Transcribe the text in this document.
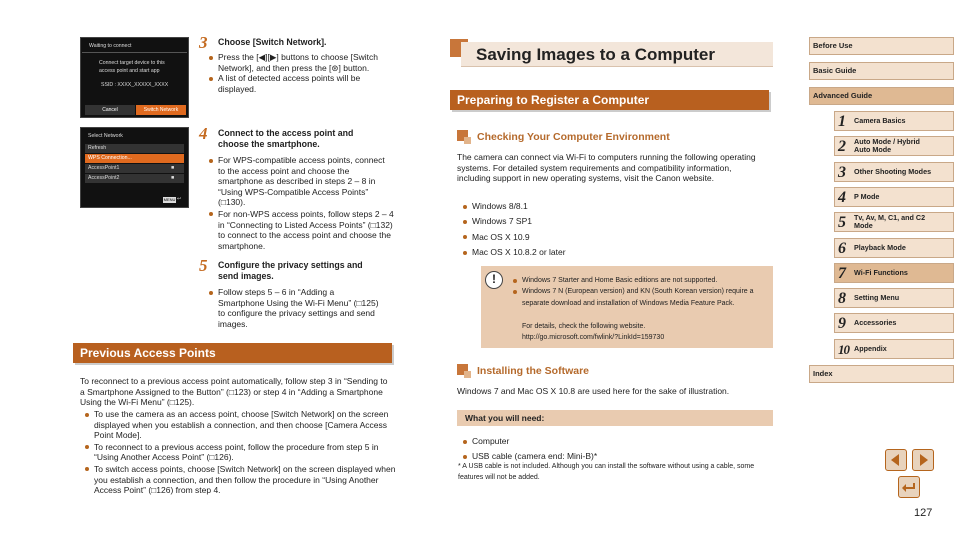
Waiting to connect
Connect target device to this
access point and start app
SSID : XXXX_XXXXX_XXXX
Cancel	Switch Network
Select Network
Refresh
WPS Connection...
AccessPoint1	■
AccessPoint2	■
MENU ↩
3 Choose [Switch Network].
Press the [◀][▶] buttons to choose [Switch Network], and then press the [⊛] button.
A list of detected access points will be displayed.
4 Connect to the access point and
choose the smartphone.
For WPS-compatible access points, connect to the access point and choose the smartphone as described in steps 2 – 8 in “Using WPS-Compatible Access Points” (□130).
For non-WPS access points, follow steps 2 – 4 in “Connecting to Listed Access Points” (□132) to connect to the access point and choose the smartphone.
5 Configure the privacy settings and
send images.
Follow steps 5 – 6 in “Adding a Smartphone Using the Wi-Fi Menu” (□125) to configure the privacy settings and send images.
Previous Access Points

To reconnect to a previous access point automatically, follow step 3 in “Sending to a Smartphone Assigned to the Button” (□123) or step 4 in “Adding a Smartphone Using the Wi-Fi Menu” (□125).

To use the camera as an access point, choose [Switch Network] on the screen displayed when you establish a connection, and then choose [Camera Access Point Mode].
To reconnect to a previous access point, follow the procedure from step 5 in “Using Another Access Point” (□126).
To switch access points, choose [Switch Network] on the screen displayed when you establish a connection, and then follow the procedure in “Using Another Access Point” (□126) from step 4.
Saving Images to a Computer
Preparing to Register a Computer
Checking Your Computer Environment

The camera can connect via Wi-Fi to computers running the following operating systems. For detailed system requirements and compatibility information, including support in new operating systems, visit the Canon website.

Windows 8/8.1
Windows 7 SP1
Mac OS X 10.9
Mac OS X 10.8.2 or later
!	Windows 7 Starter and Home Basic editions are not supported.
Windows 7 N (European version) and KN (South Korean version) require a separate download and installation of Windows Media Feature Pack.

For details, check the following website.

http://go.microsoft.com/fwlink/?LinkId=159730

Installing the Software

Windows 7 and Mac OS X 10.8 are used here for the sake of illustration.

What you will need:
Computer
USB cable (camera end: Mini-B)*

* A USB cable is not included. Although you can install the software without using a cable, some features will not be added.

Before Use
Basic Guide
Advanced Guide
1 Camera Basics
2 Auto Mode / Hybrid Auto Mode
3 Other Shooting Modes
4 P Mode
5 Tv, Av, M, C1, and C2 Mode
6 Playback Mode
7 Wi-Fi Functions
8 Setting Menu
9 Accessories
10 Appendix
Index
127
